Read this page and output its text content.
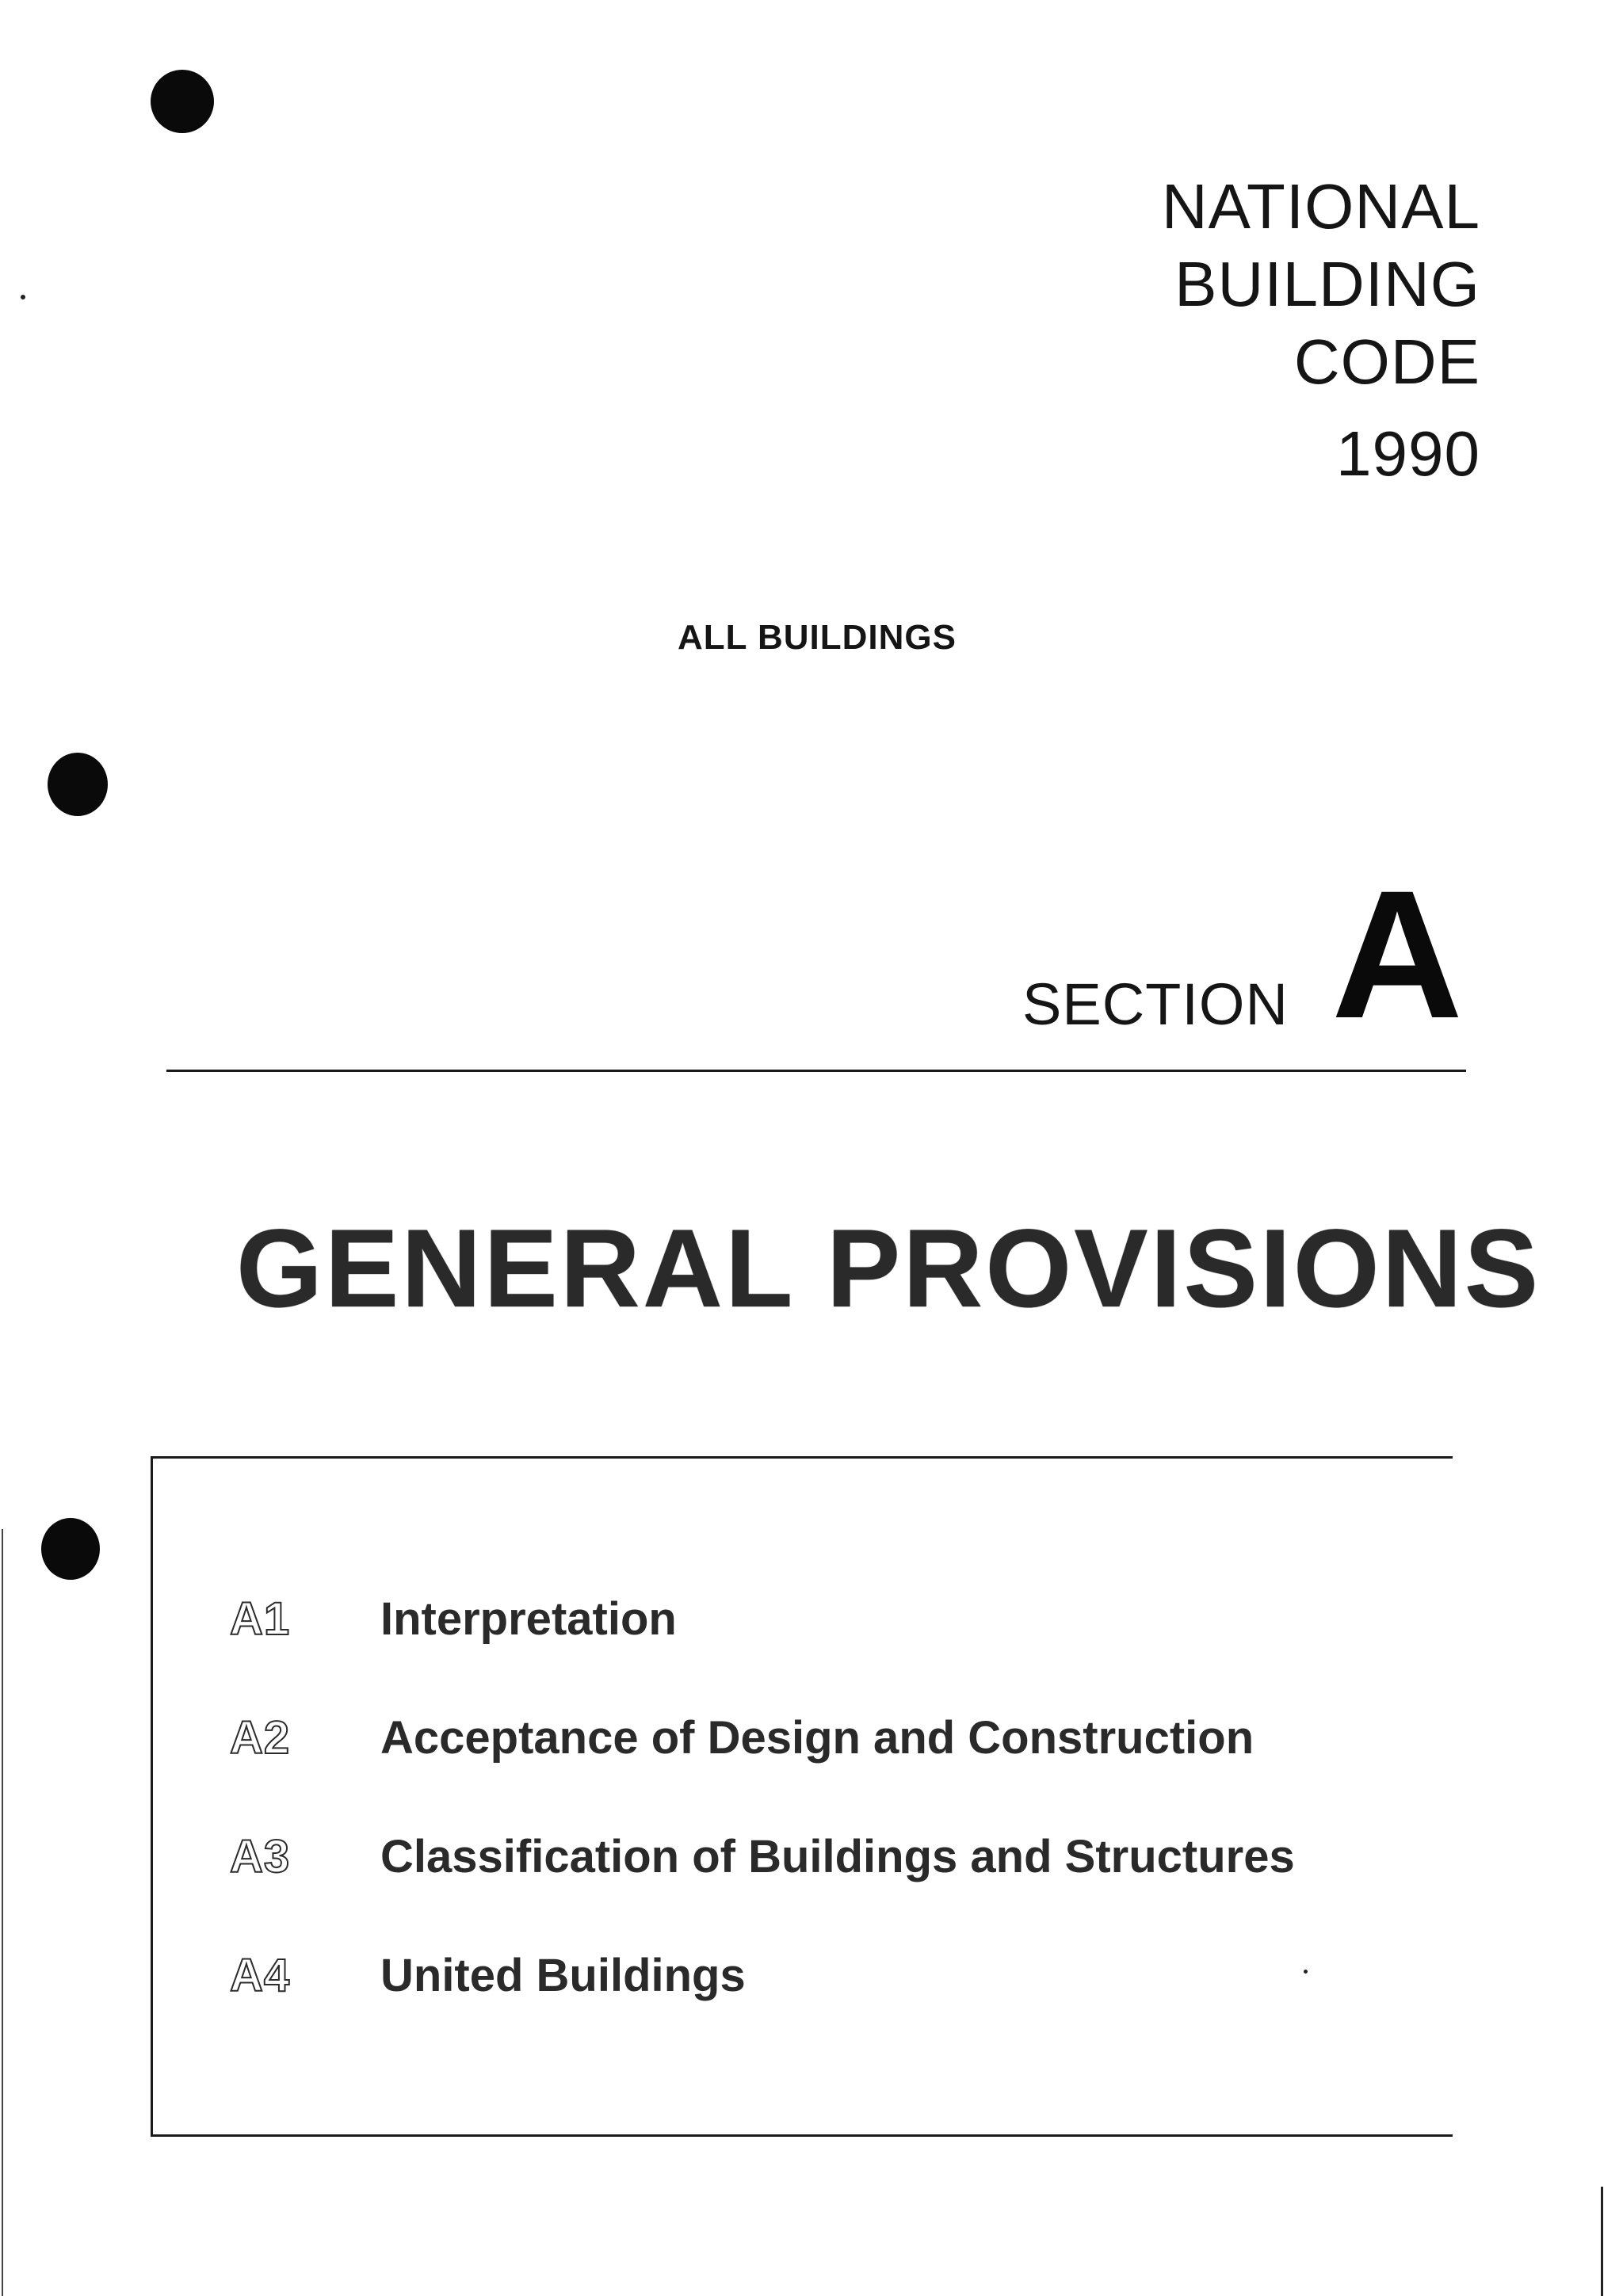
NATIONAL
BUILDING
CODE
1990
ALL BUILDINGS
SECTION A
GENERAL PROVISIONS
A1 Interpretation
A2 Acceptance of Design and Construction
A3 Classification of Buildings and Structures
A4 United Buildings
